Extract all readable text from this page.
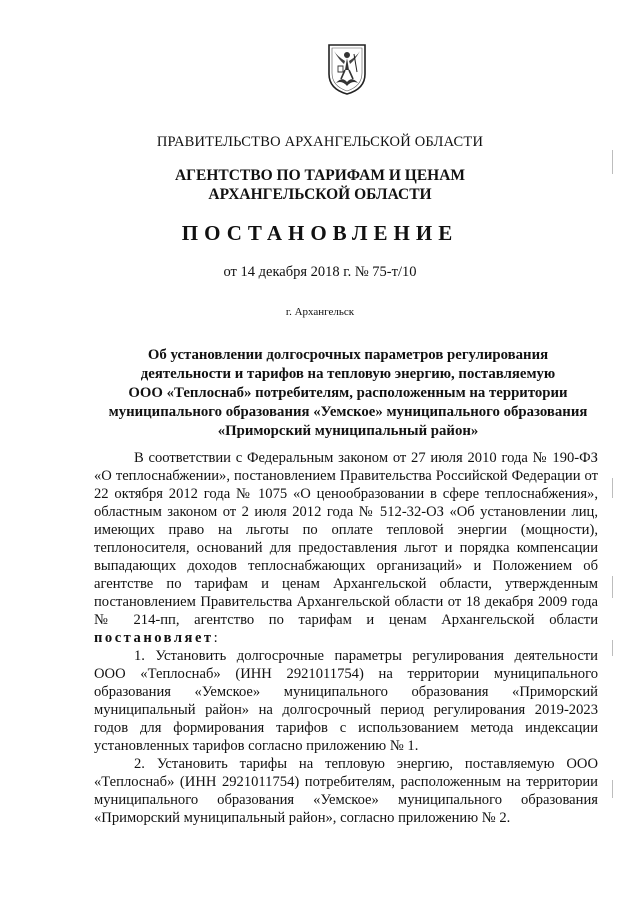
ПРАВИТЕЛЬСТВО АРХАНГЕЛЬСКОЙ ОБЛАСТИ
АГЕНТСТВО ПО ТАРИФАМ И ЦЕНАМ
АРХАНГЕЛЬСКОЙ ОБЛАСТИ
ПОСТАНОВЛЕНИЕ
от 14 декабря 2018 г. № 75-т/10
г. Архангельск
Об установлении долгосрочных параметров регулирования
деятельности и тарифов на тепловую энергию, поставляемую
ООО «Теплоснаб» потребителям, расположенным на территории
муниципального образования «Уемское» муниципального образования
«Приморский муниципальный район»

В соответствии с Федеральным законом от 27 июля 2010 года № 190-ФЗ «О теплоснабжении», постановлением Правительства Российской Федерации от 22 октября 2012 года № 1075 «О ценообразовании в сфере теплоснабжения», областным законом от 2 июля 2012 года № 512-32-ОЗ «Об установлении лиц, имеющих право на льготы по оплате тепловой энергии (мощности), теплоносителя, оснований для предоставления льгот и порядка компенсации выпадающих доходов теплоснабжающих организаций» и Положением об агентстве по тарифам и ценам Архангельской области, утвержденным постановлением Правительства Архангельской области от 18 декабря 2009 года № 214-пп, агентство по тарифам и ценам Архангельской области постановляет:

1. Установить долгосрочные параметры регулирования деятельности ООО «Теплоснаб» (ИНН 2921011754) на территории муниципального образования «Уемское» муниципального образования «Приморский муниципальный район» на долгосрочный период регулирования 2019-2023 годов для формирования тарифов с использованием метода индексации установленных тарифов согласно приложению № 1.

2. Установить тарифы на тепловую энергию, поставляемую ООО «Теплоснаб» (ИНН 2921011754) потребителям, расположенным на территории муниципального образования «Уемское» муниципального образования «Приморский муниципальный район», согласно приложению № 2.
